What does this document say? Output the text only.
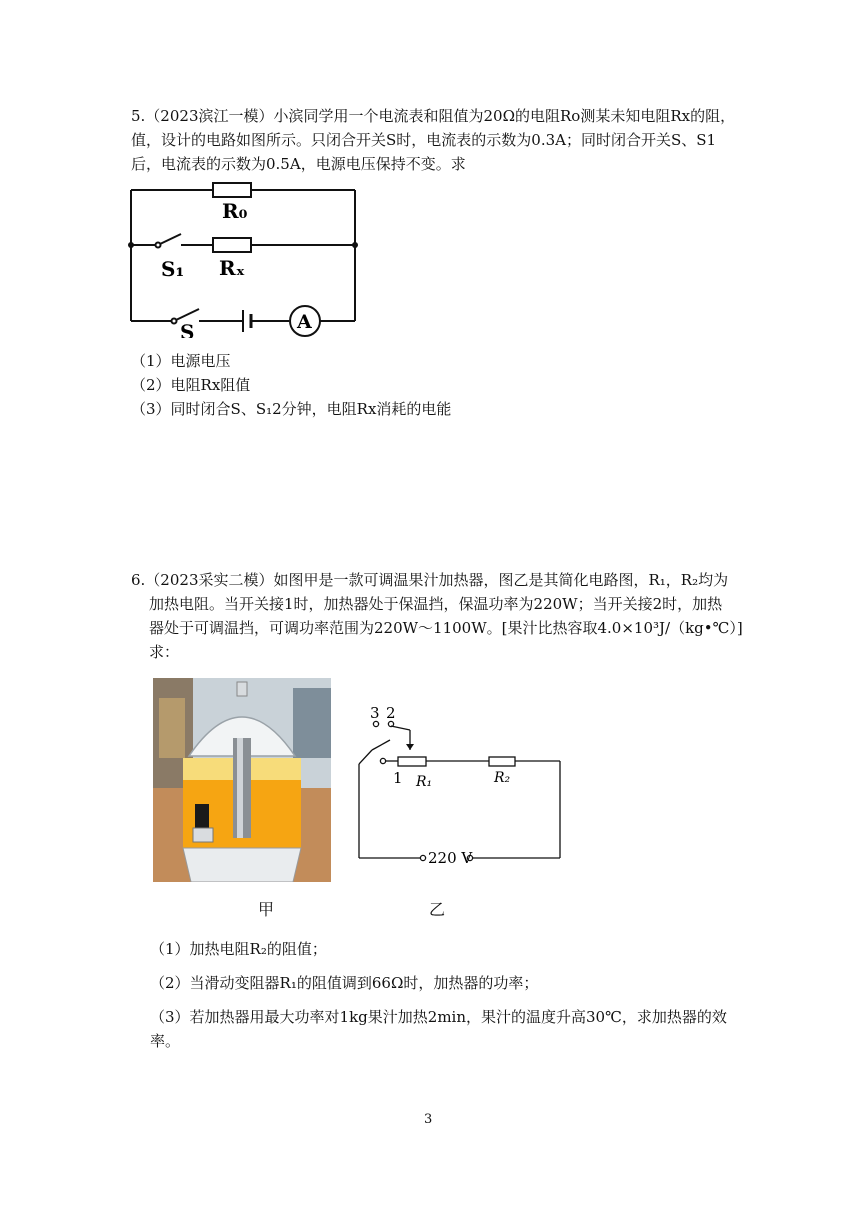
5.（2023滨江一模）小滨同学用一个电流表和阻值为20Ω的电阻Ro测某未知电阻Rx的阻，
值，设计的电路如图所示。只闭合开关S时，电流表的示数为0.3A；同时闭合开关S、S1
后，电流表的示数为0.5A，电源电压保持不变。求
R₀
Rₓ
S₁
S	A
（1）电源电压
（2）电阻Rx阻值
（3）同时闭合S、S₁2分钟，电阻Rx消耗的电能
6.（2023采实二模）如图甲是一款可调温果汁加热器，图乙是其简化电路图，R₁，R₂均为
加热电阻。当开关接1时，加热器处于保温挡，保温功率为220W；当开关接2时，加热
器处于可调温挡，可调功率范围为220W～1100W。[果汁比热容取4.0×10³J/（kg•℃）]
求：
3 2
1 R₁	R₂
220 V
甲	乙
（1）加热电阻R₂的阻值；
（2）当滑动变阻器R₁的阻值调到66Ω时，加热器的功率；
（3）若加热器用最大功率对1kg果汁加热2min，果汁的温度升高30℃，求加热器的效
率。
3
